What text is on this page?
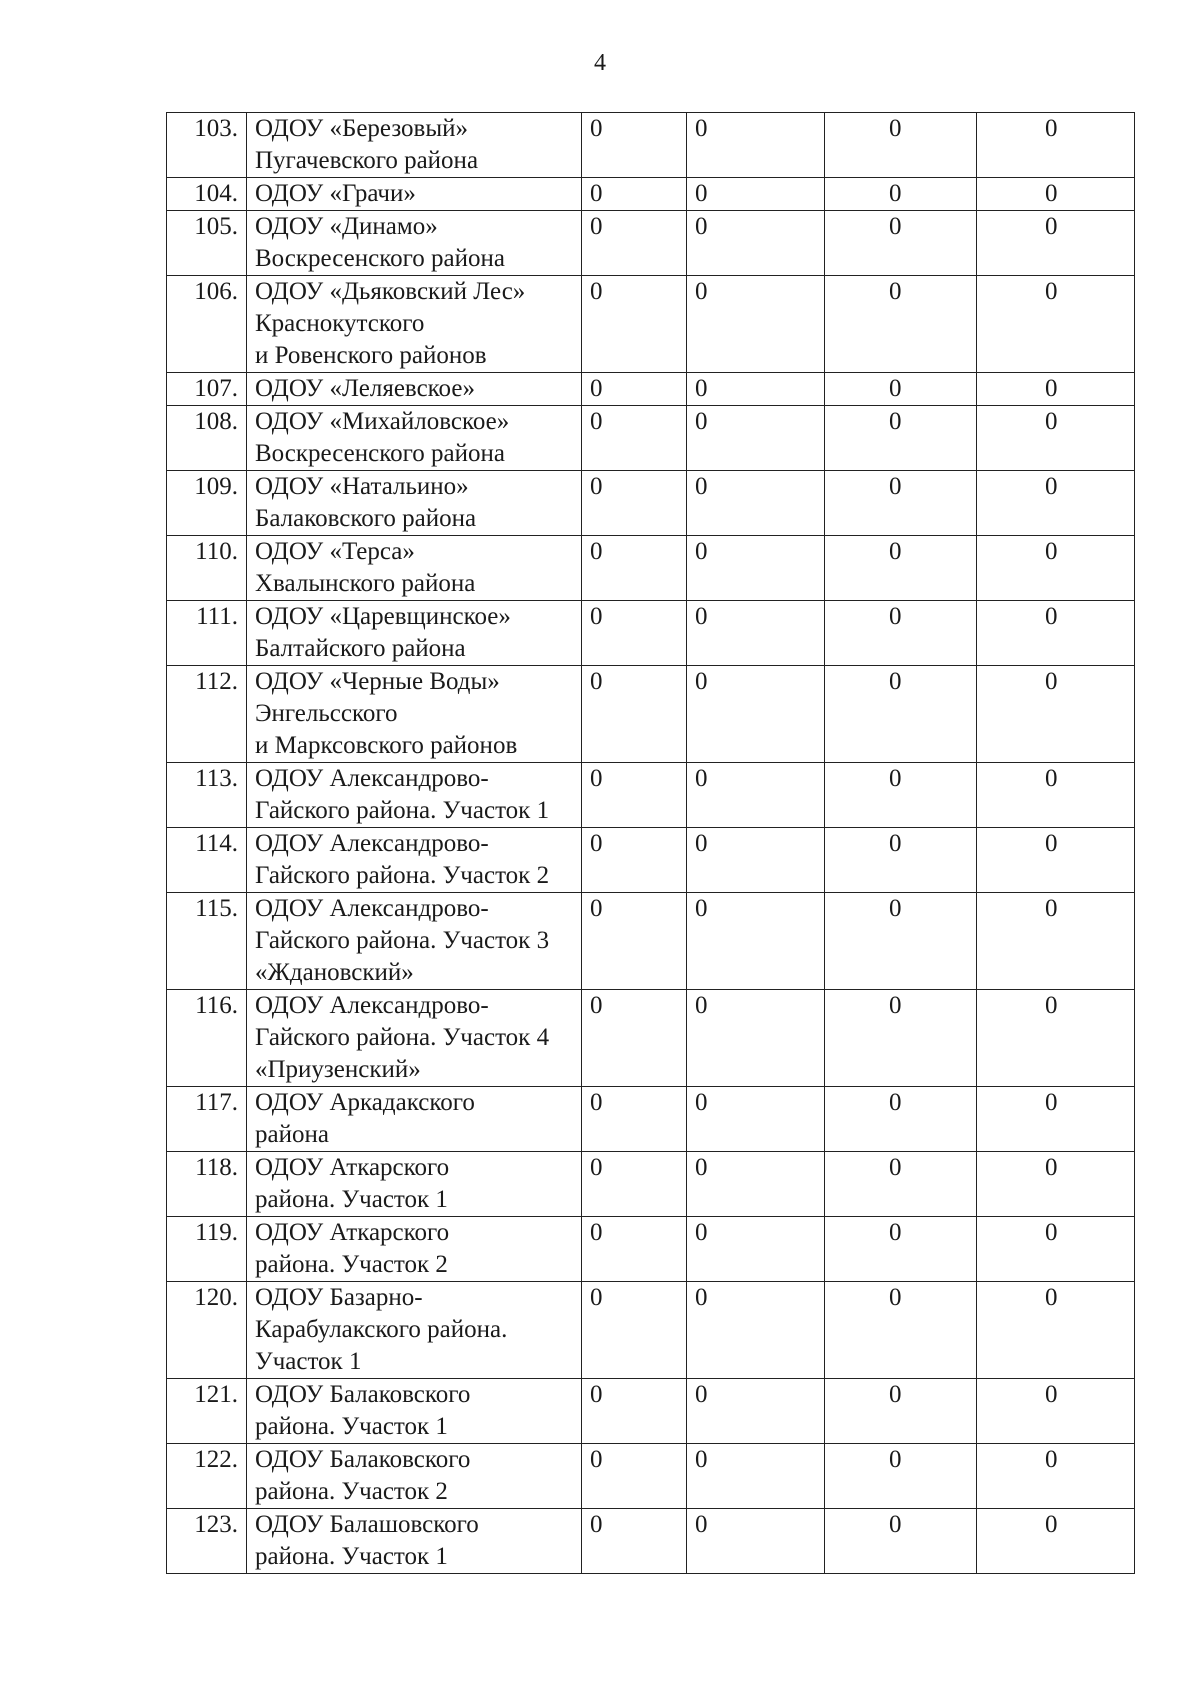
4
103.	ОДОУ «Березовый»
Пугачевского района	0	0	0	0
104.	ОДОУ «Грачи»	0	0	0	0
105.	ОДОУ «Динамо»
Воскресенского района	0	0	0	0
106.	ОДОУ «Дьяковский Лес»
Краснокутского
и Ровенского районов	0	0	0	0
107.	ОДОУ «Леляевское»	0	0	0	0
108.	ОДОУ «Михайловское»
Воскресенского района	0	0	0	0
109.	ОДОУ «Натальино»
Балаковского района	0	0	0	0
110.	ОДОУ «Терса»
Хвалынского района	0	0	0	0
111.	ОДОУ «Царевщинское»
Балтайского района	0	0	0	0
112.	ОДОУ «Черные Воды»
Энгельсского
и Марксовского районов	0	0	0	0
113.	ОДОУ Александрово-
Гайского района. Участок 1	0	0	0	0
114.	ОДОУ Александрово-
Гайского района. Участок 2	0	0	0	0
115.	ОДОУ Александрово-
Гайского района. Участок 3
«Ждановский»	0	0	0	0
116.	ОДОУ Александрово-
Гайского района. Участок 4
«Приузенский»	0	0	0	0
117.	ОДОУ Аркадакского
района	0	0	0	0
118.	ОДОУ Аткарского
района. Участок 1	0	0	0	0
119.	ОДОУ Аткарского
района. Участок 2	0	0	0	0
120.	ОДОУ Базарно-
Карабулакского района.
Участок 1	0	0	0	0
121.	ОДОУ Балаковского
района. Участок 1	0	0	0	0
122.	ОДОУ Балаковского
района. Участок 2	0	0	0	0
123.	ОДОУ Балашовского
района. Участок 1	0	0	0	0
